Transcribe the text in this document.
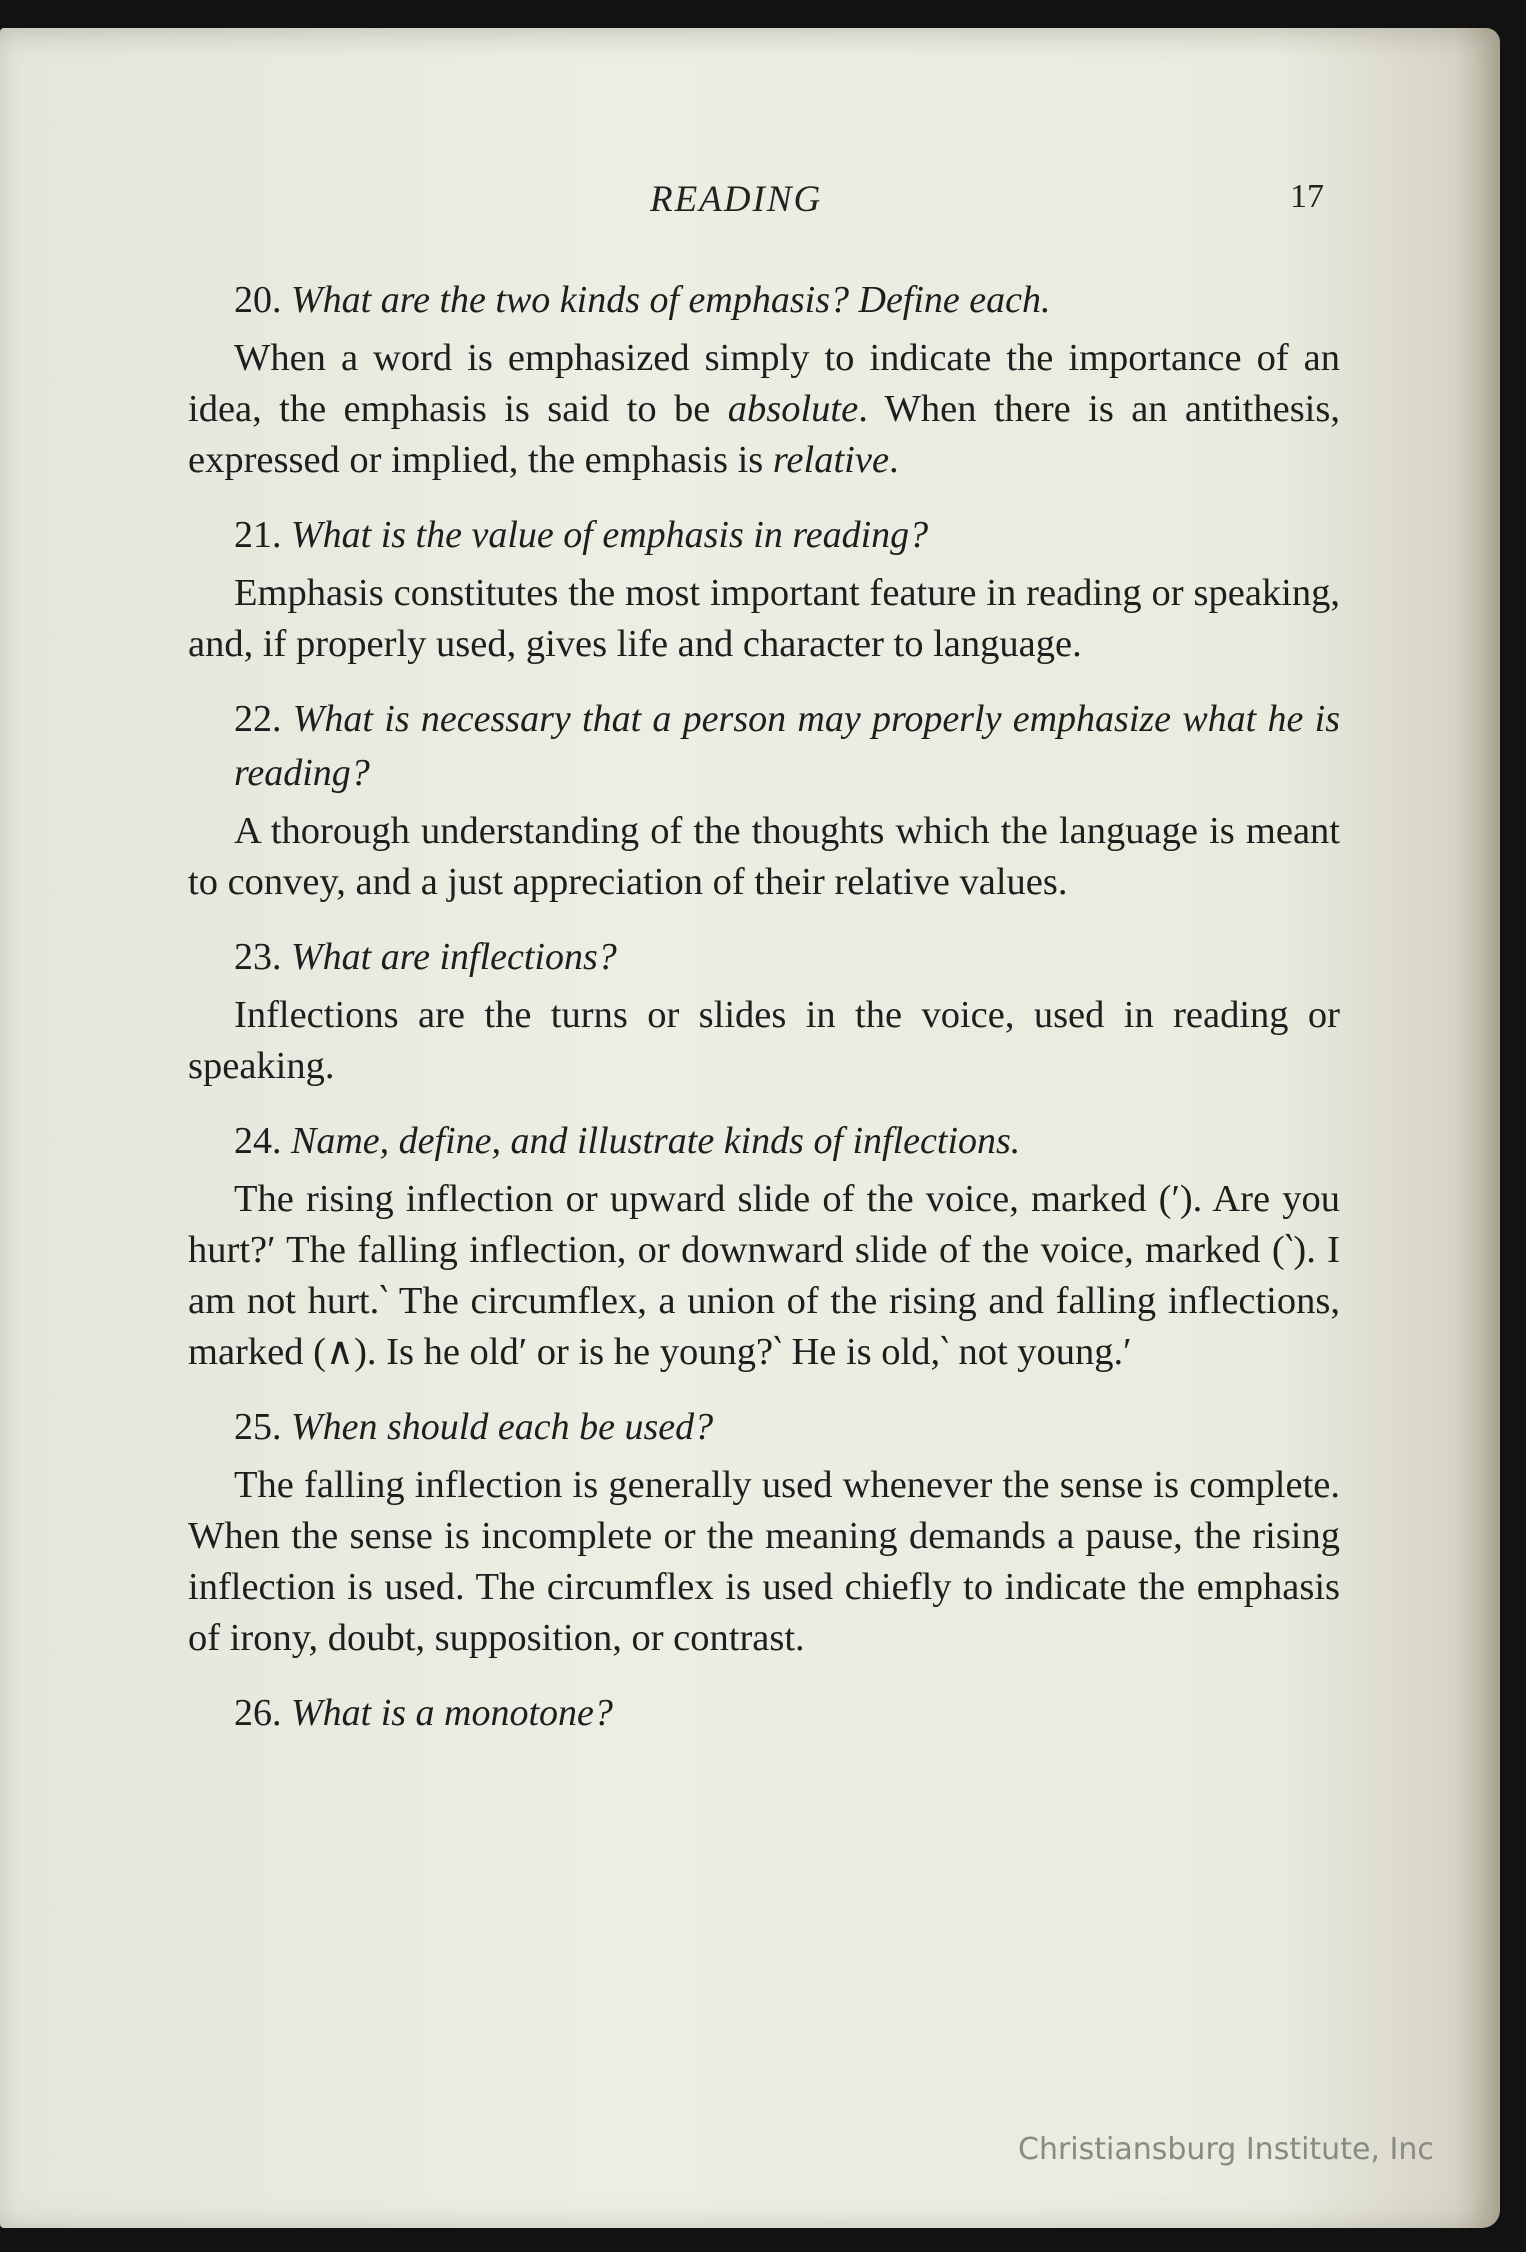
READING	17

20. What are the two kinds of emphasis? Define each.

When a word is emphasized simply to indicate the importance of an idea, the emphasis is said to be absolute. When there is an antithesis, expressed or implied, the emphasis is relative.

21. What is the value of emphasis in reading?

Emphasis constitutes the most important feature in reading or speaking, and, if properly used, gives life and character to language.

22. What is necessary that a person may properly emphasize what he is reading?

A thorough understanding of the thoughts which the language is meant to convey, and a just appreciation of their relative values.

23. What are inflections?

Inflections are the turns or slides in the voice, used in reading or speaking.

24. Name, define, and illustrate kinds of inflections.

The rising inflection or upward slide of the voice, marked (′). Are you hurt?′ The falling inflection, or downward slide of the voice, marked (‵). I am not hurt.‵ The circumflex, a union of the rising and falling inflections, marked (∧). Is he old′ or is he young?‵ He is old,‵ not young.′

25. When should each be used?

The falling inflection is generally used whenever the sense is complete. When the sense is incomplete or the meaning demands a pause, the rising inflection is used. The circumflex is used chiefly to indicate the emphasis of irony, doubt, supposition, or contrast.

26. What is a monotone?

Christiansburg Institute, Inc
